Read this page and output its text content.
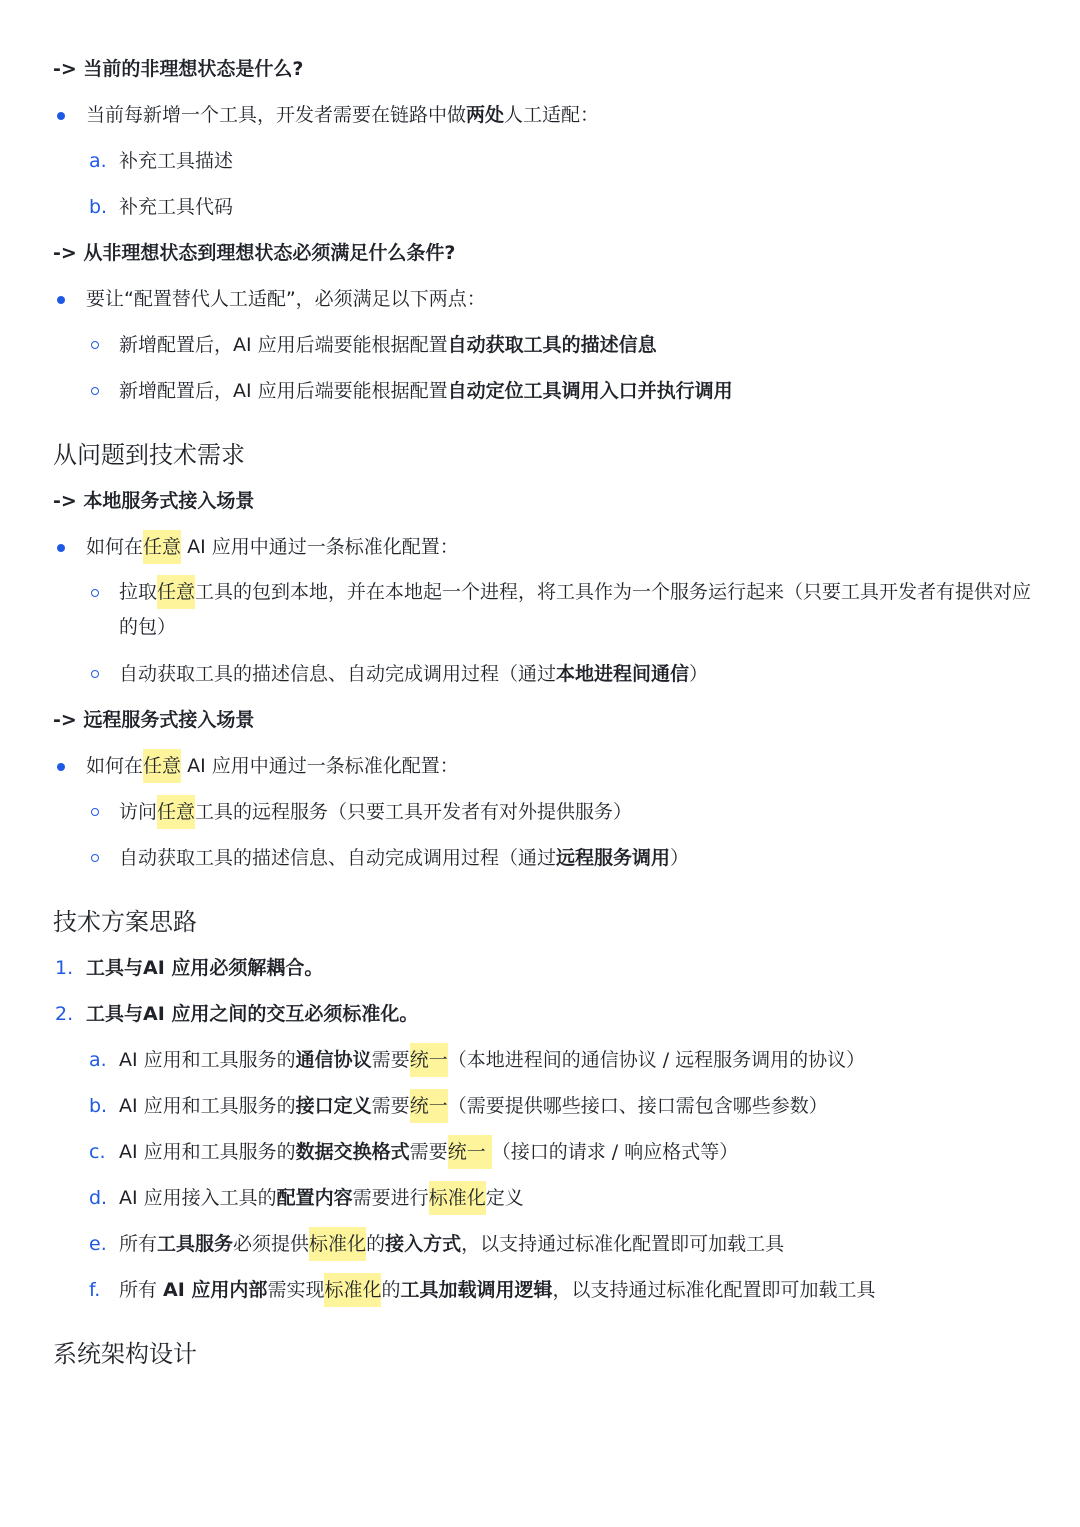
-> 当前的非理想状态是什么?
当前每新增一个工具，开发者需要在链路中做两处人工适配：
a. 补充工具描述
b. 补充工具代码
-> 从非理想状态到理想状态必须满足什么条件?
要让“配置替代人工适配”，必须满足以下两点：
新增配置后，AI 应用后端要能根据配置自动获取工具的描述信息
新增配置后，AI 应用后端要能根据配置自动定位工具调用入口并执行调用
从问题到技术需求
-> 本地服务式接入场景
如何在任意 AI 应用中通过一条标准化配置：
拉取任意工具的包到本地，并在本地起一个进程，将工具作为一个服务运行起来（只要工具开发者有提供对应的包）
自动获取工具的描述信息、自动完成调用过程（通过本地进程间通信）
-> 远程服务式接入场景
如何在任意 AI 应用中通过一条标准化配置：
访问任意工具的远程服务（只要工具开发者有对外提供服务）
自动获取工具的描述信息、自动完成调用过程（通过远程服务调用）
技术方案思路
1. 工具与AI 应用必须解耦合。
2. 工具与AI 应用之间的交互必须标准化。
a. AI 应用和工具服务的通信协议需要统一（本地进程间的通信协议 / 远程服务调用的协议）
b. AI 应用和工具服务的接口定义需要统一（需要提供哪些接口、接口需包含哪些参数）
c. AI 应用和工具服务的数据交换格式需要统一 （接口的请求 / 响应格式等）
d. AI 应用接入工具的配置内容需要进行标准化定义
e. 所有工具服务必须提供标准化的接入方式，以支持通过标准化配置即可加载工具
f. 所有 AI 应用内部需实现标准化的工具加载调用逻辑，以支持通过标准化配置即可加载工具
系统架构设计
